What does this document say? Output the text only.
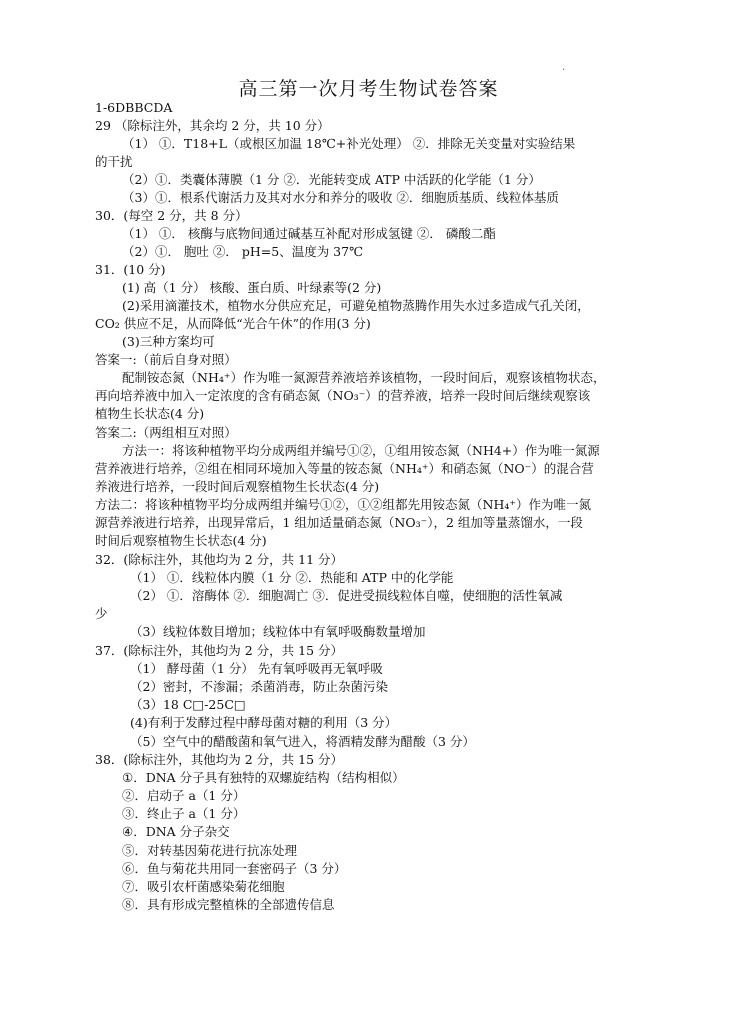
.
高三第一次月考生物试卷答案
1-6DBBCDA
29 （除标注外，其余均 2 分，共 10 分）
（1） ①．T18+L（或根区加温 18℃+补光处理） ②．排除无关变量对实验结果
的干扰
（2）①．类囊体薄膜（1 分 ②．光能转变成 ATP 中活跃的化学能（1 分）
（3）①．根系代谢活力及其对水分和养分的吸收 ②．细胞质基质、线粒体基质
30．(每空 2 分，共 8 分）
（1） ①． 核酶与底物间通过碱基互补配对形成氢键 ②． 磷酸二酯
（2）①． 胞吐 ②． pH=5、温度为 37℃
31．(10 分)
(1) 高（1 分） 核酸、蛋白质、叶绿素等(2 分)
(2)采用滴灌技术，植物水分供应充足，可避免植物蒸腾作用失水过多造成气孔关闭，
CO₂ 供应不足，从而降低“光合午休”的作用(3 分)
(3)三种方案均可
答案一:（前后自身对照）
配制铵态氮（NH₄⁺）作为唯一氮源营养液培养该植物，一段时间后，观察该植物状态，
再向培养液中加入一定浓度的含有硝态氮（NO₃⁻）的营养液，培养一段时间后继续观察该
植物生长状态(4 分)
答案二:（两组相互对照）
方法一：将该种植物平均分成两组并编号①②，①组用铵态氮（NH4+）作为唯一氮源
营养液进行培养，②组在相同环境加入等量的铵态氮（NH₄⁺）和硝态氮（NO⁻）的混合营
养液进行培养，一段时间后观察植物生长状态(4 分)
方法二：将该种植物平均分成两组并编号①②，①②组都先用铵态氮（NH₄⁺）作为唯一氮
源营养液进行培养，出现异常后，1 组加适量硝态氮（NO₃⁻），2 组加等量蒸馏水，一段
时间后观察植物生长状态(4 分)
32．(除标注外，其他均为 2 分，共 11 分）
（1） ①．线粒体内膜（1 分 ②．热能和 ATP 中的化学能
（2） ①．溶酶体 ②．细胞凋亡 ③．促进受损线粒体自噬，使细胞的活性氧减
少
（3）线粒体数目增加；线粒体中有氧呼吸酶数量增加
37．(除标注外，其他均为 2 分，共 15 分）
（1） 酵母菌（1 分） 先有氧呼吸再无氧呼吸
（2）密封，不渗漏；杀菌消毒，防止杂菌污染
（3）18 C□-25C□
(4)有利于发酵过程中酵母菌对糖的利用（3 分）
（5）空气中的醋酸菌和氧气进入，将酒精发酵为醋酸（3 分）
38．(除标注外，其他均为 2 分，共 15 分）
①．DNA 分子具有独特的双螺旋结构（结构相似）
②．启动子 a（1 分）
③．终止子 a（1 分）
④．DNA 分子杂交
⑤．对转基因菊花进行抗冻处理
⑥．鱼与菊花共用同一套密码子（3 分）
⑦．吸引农杆菌感染菊花细胞
⑧．具有形成完整植株的全部遗传信息
